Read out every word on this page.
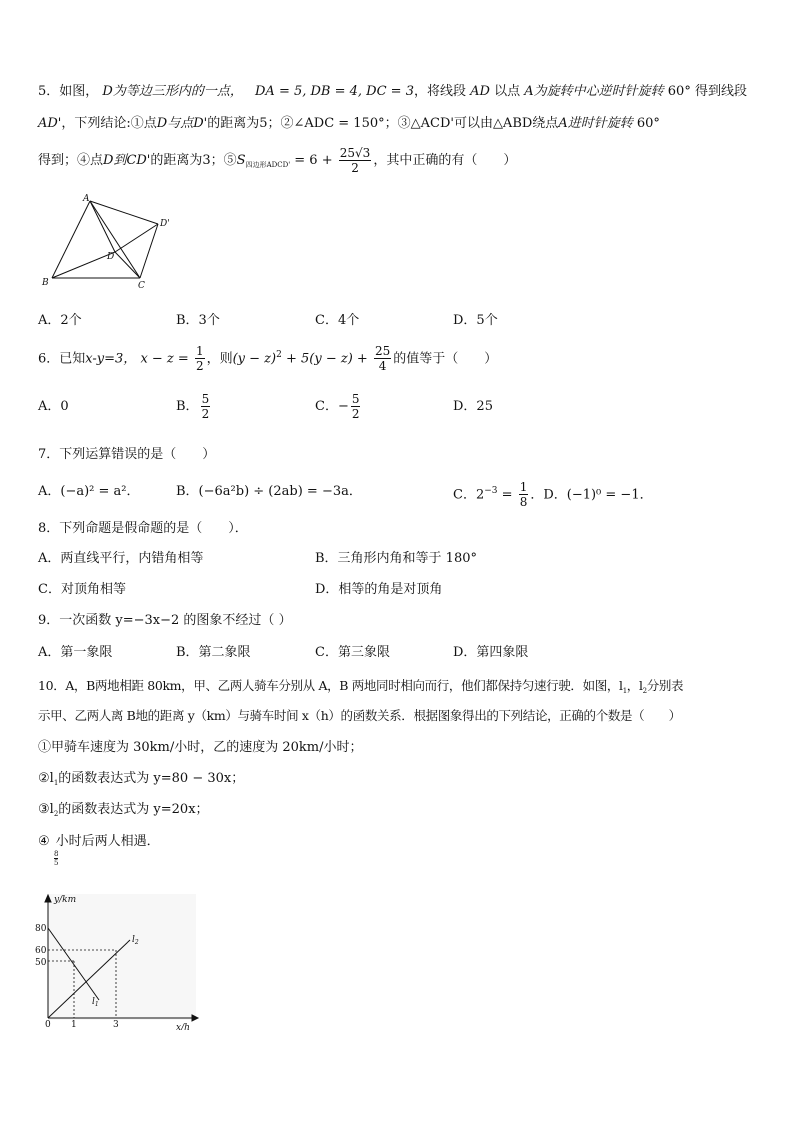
5．如图， D为等边三形内的一点， DA = 5, DB = 4, DC = 3，将线段 AD 以点 A为旋转中心逆时针旋转 60° 得到线段
AD'，下列结论:①点D与点D'的距离为5；②∠ADC = 150°；③△ACD'可以由△ABD绕点A进时针旋转 60°
得到；④点D到CD'的距离为3；$⑤S_{四边形ADCD'} = 6 + \frac{25√3}{2}$ ，其中正确的有（　　）
A
B	C
D
D'
A．2个	B．3个	C．4个	D．5个
6．已知x-y=3， $x - z = \frac{1}{2}$ ，则$(y - z)^2 + 5(y - z) + \frac{25}{4}$ 的值等于（　　）
A．0	B． $\frac{5}{2}$	C．− $\frac{5}{2}$	D．25
7．下列运算错误的是（　　）
A．(−a)² = a²．	B．(−6a²b) ÷ (2ab) = −3a．	C．$2^{-3} = \frac{1}{8}$ ．D．(−1)⁰ = −1．
8．下列命题是假命题的是（　　）．
A．两直线平行，内错角相等	B．三角形内角和等于 180°
C．对顶角相等	D．相等的角是对顶角
9．一次函数 y=−3x−2 的图象不经过（ ）
A．第一象限	B．第二象限	C．第三象限	D．第四象限
10．A，B两地相距 80km，甲、乙两人骑车分别从 A，B 两地同时相向而行，他们都保持匀速行驶．如图，$l_1$，$l_2$分别表
示甲、乙两人离 B地的距离 y（km）与骑车时间 x（h）的函数关系．根据图象得出的下列结论，正确的个数是（　　）
①甲骑车速度为 30km/小时，乙的速度为 20km/小时；
$②l_1$的函数表达式为 y=80 − 30x；
$③l_2$的函数表达式为 y=20x；
④ 小时后两人相遇．
$\frac{8}{5}$
y/km
x/h
80
60
50
0 1	3
$l_1$
$l_2$
